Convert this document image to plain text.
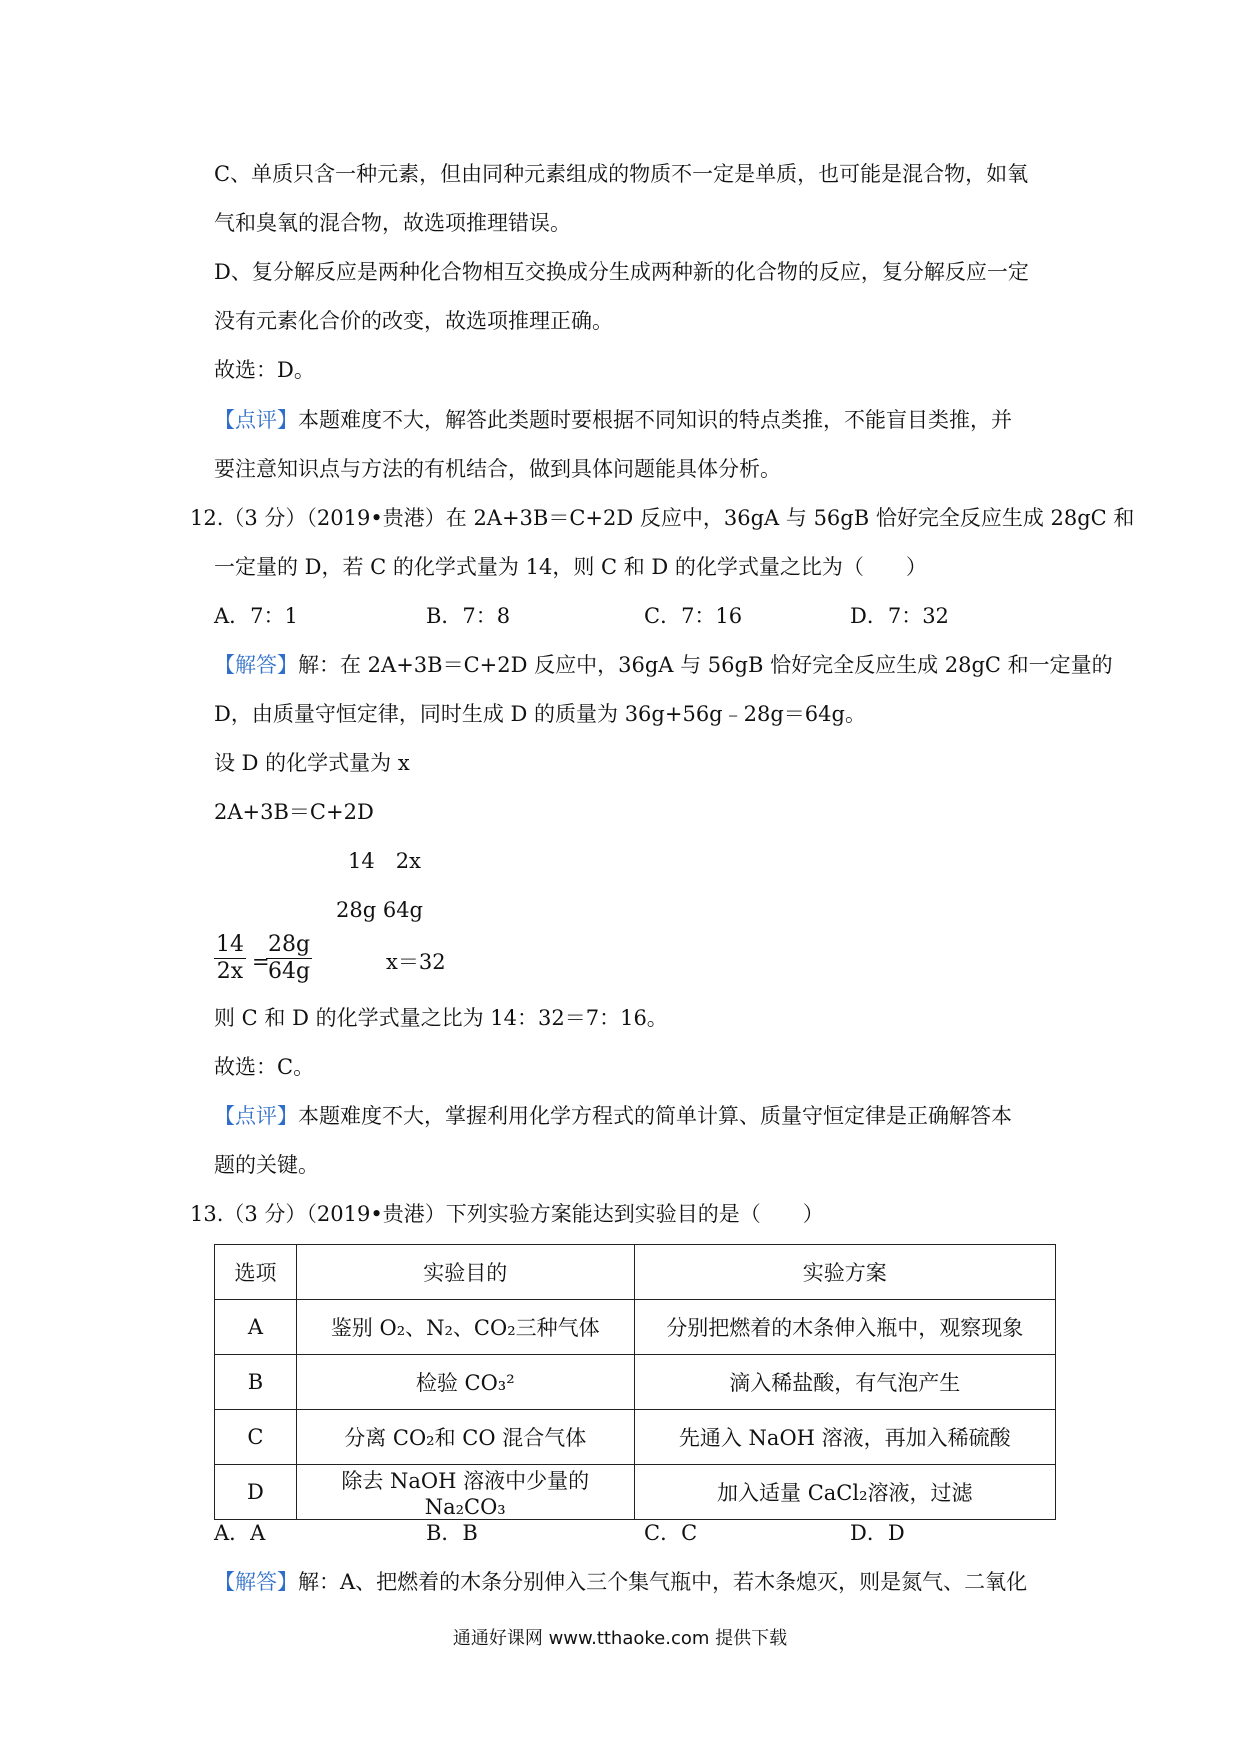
C、单质只含一种元素，但由同种元素组成的物质不一定是单质，也可能是混合物，如氧
气和臭氧的混合物，故选项推理错误。
D、复分解反应是两种化合物相互交换成分生成两种新的化合物的反应，复分解反应一定
没有元素化合价的改变，故选项推理正确。
故选：D。
【点评】本题难度不大，解答此类题时要根据不同知识的特点类推，不能盲目类推，并
要注意知识点与方法的有机结合，做到具体问题能具体分析。
12.（3 分）（2019•贵港）在 2A+3B＝C+2D 反应中，36gA 与 56gB 恰好完全反应生成 28gC 和
一定量的 D，若 C 的化学式量为 14，则 C 和 D 的化学式量之比为（　　）
A．7：1	B．7：8	C．7：16	D．7：32
【解答】解：在 2A+3B＝C+2D 反应中，36gA 与 56gB 恰好完全反应生成 28gC 和一定量的
D，由质量守恒定律，同时生成 D 的质量为 36g+56g﹣28g＝64g。
设 D 的化学式量为 x
2A+3B＝C+2D
14　2x
28g 64g
$\frac{14}{2x}$ =
$\frac{28g}{64g}$	x＝32
则 C 和 D 的化学式量之比为 14：32＝7：16。
故选：C。
【点评】本题难度不大，掌握利用化学方程式的简单计算、质量守恒定律是正确解答本
题的关键。
13.（3 分）（2019•贵港）下列实验方案能达到实验目的是（　　）
选项	实验目的	实验方案
A	鉴别 O₂、N₂、CO₂三种气体	分别把燃着的木条伸入瓶中，观察现象
B	检验 CO₃²	滴入稀盐酸，有气泡产生
C	分离 CO₂和 CO 混合气体	先通入 NaOH 溶液，再加入稀硫酸
D	除去 NaOH 溶液中少量的 Na₂CO₃	加入适量 CaCl₂溶液，过滤
A．A	B．B	C．C	D．D
【解答】解：A、把燃着的木条分别伸入三个集气瓶中，若木条熄灭，则是氮气、二氧化
通通好课网 www.tthaoke.com 提供下载
